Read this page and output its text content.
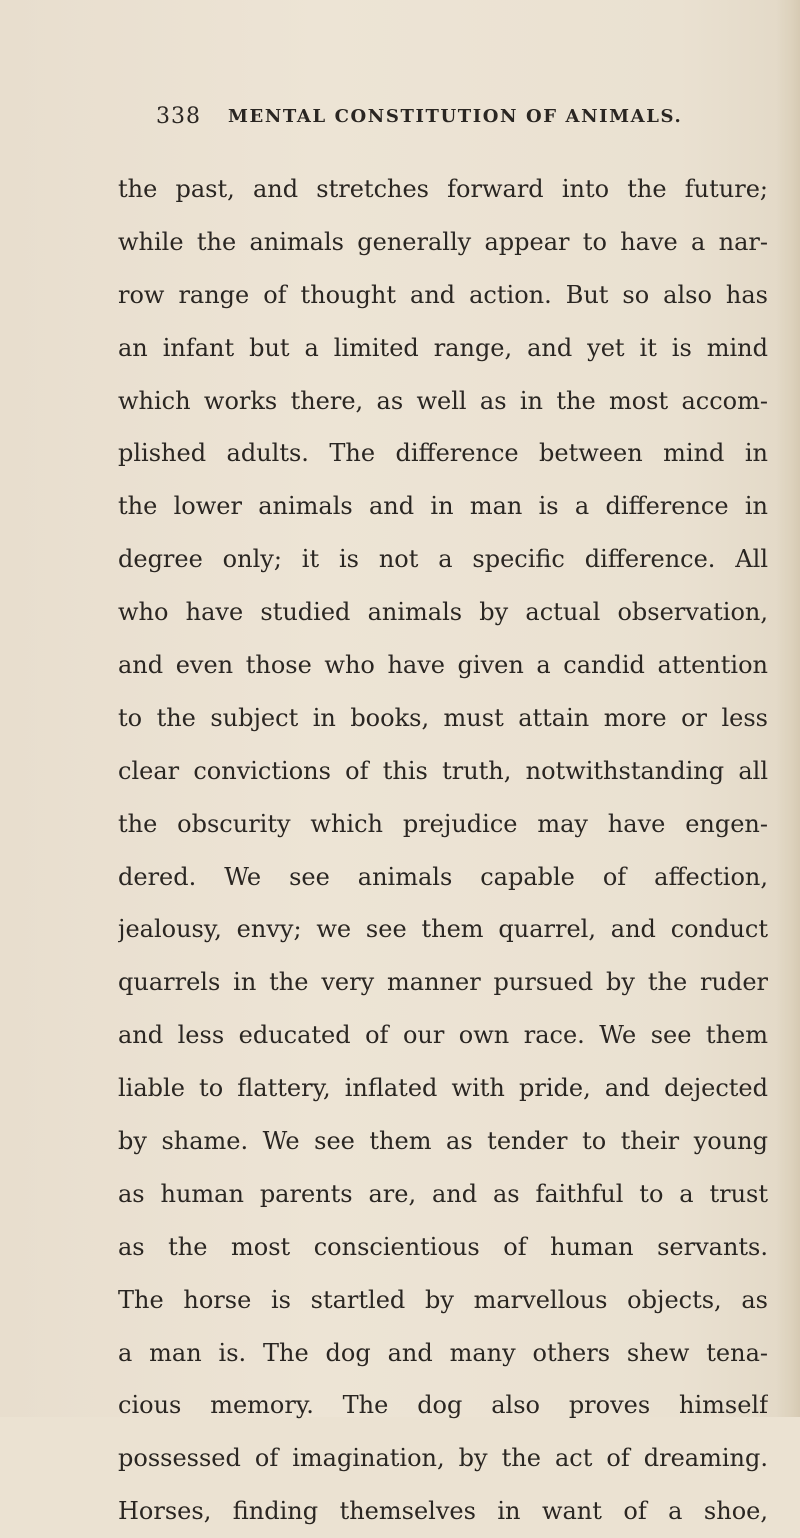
338 MENTAL CONSTITUTION OF ANIMALS.
the past, and stretches forward into the future;
while the animals generally appear to have a nar-
row range of thought and action. But so also has
an infant but a limited range, and yet it is mind
which works there, as well as in the most accom-
plished adults. The difference between mind in
the lower animals and in man is a difference in
degree only; it is not a specific difference. All
who have studied animals by actual observation,
and even those who have given a candid attention
to the subject in books, must attain more or less
clear convictions of this truth, notwithstanding all
the obscurity which prejudice may have engen-
dered. We see animals capable of affection,
jealousy, envy; we see them quarrel, and conduct
quarrels in the very manner pursued by the ruder
and less educated of our own race. We see them
liable to flattery, inflated with pride, and dejected
by shame. We see them as tender to their young
as human parents are, and as faithful to a trust
as the most conscientious of human servants.
The horse is startled by marvellous objects, as
a man is. The dog and many others shew tena-
cious memory. The dog also proves himself
possessed of imagination, by the act of dreaming.
Horses, finding themselves in want of a shoe,
